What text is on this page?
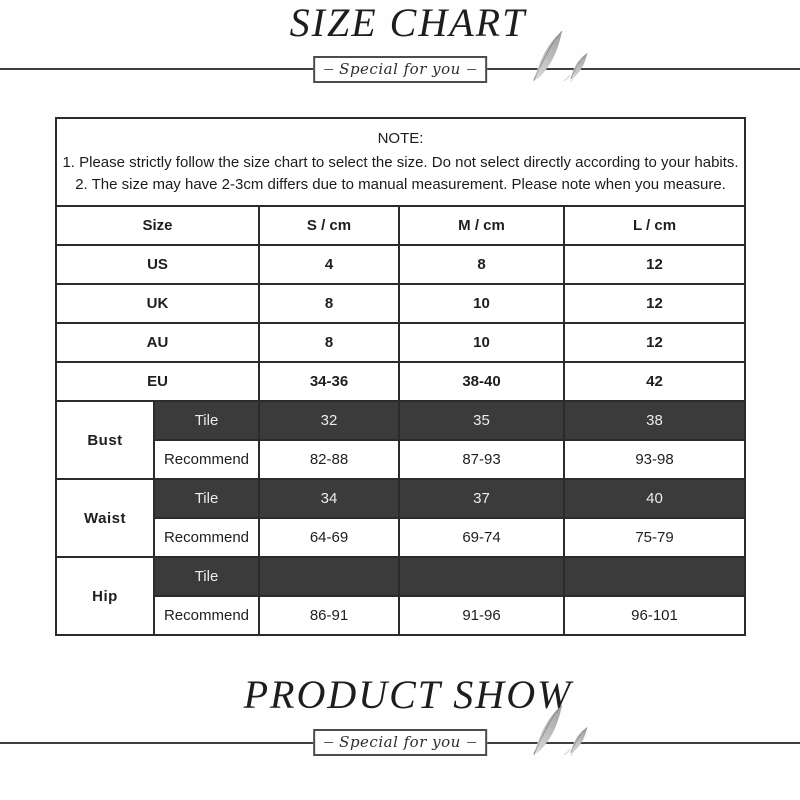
SIZE CHART
Special for you
NOTE:
1. Please strictly follow the size chart to select the size. Do not select directly according to your habits.
2. The size may have 2-3cm differs due to manual measurement. Please note when you measure.				

Size		S / cm	M / cm	L / cm
US		4	8	12
UK		8	10	12
AU		8	10	12
EU		34-36	38-40	42
Bust	Tile	32	35	38
	Recommend	82-88	87-93	93-98
Waist	Tile	34	37	40
	Recommend	64-69	69-74	75-79
Hip	Tile			
	Recommend	86-91	91-96	96-101
PRODUCT SHOW
Special for you
